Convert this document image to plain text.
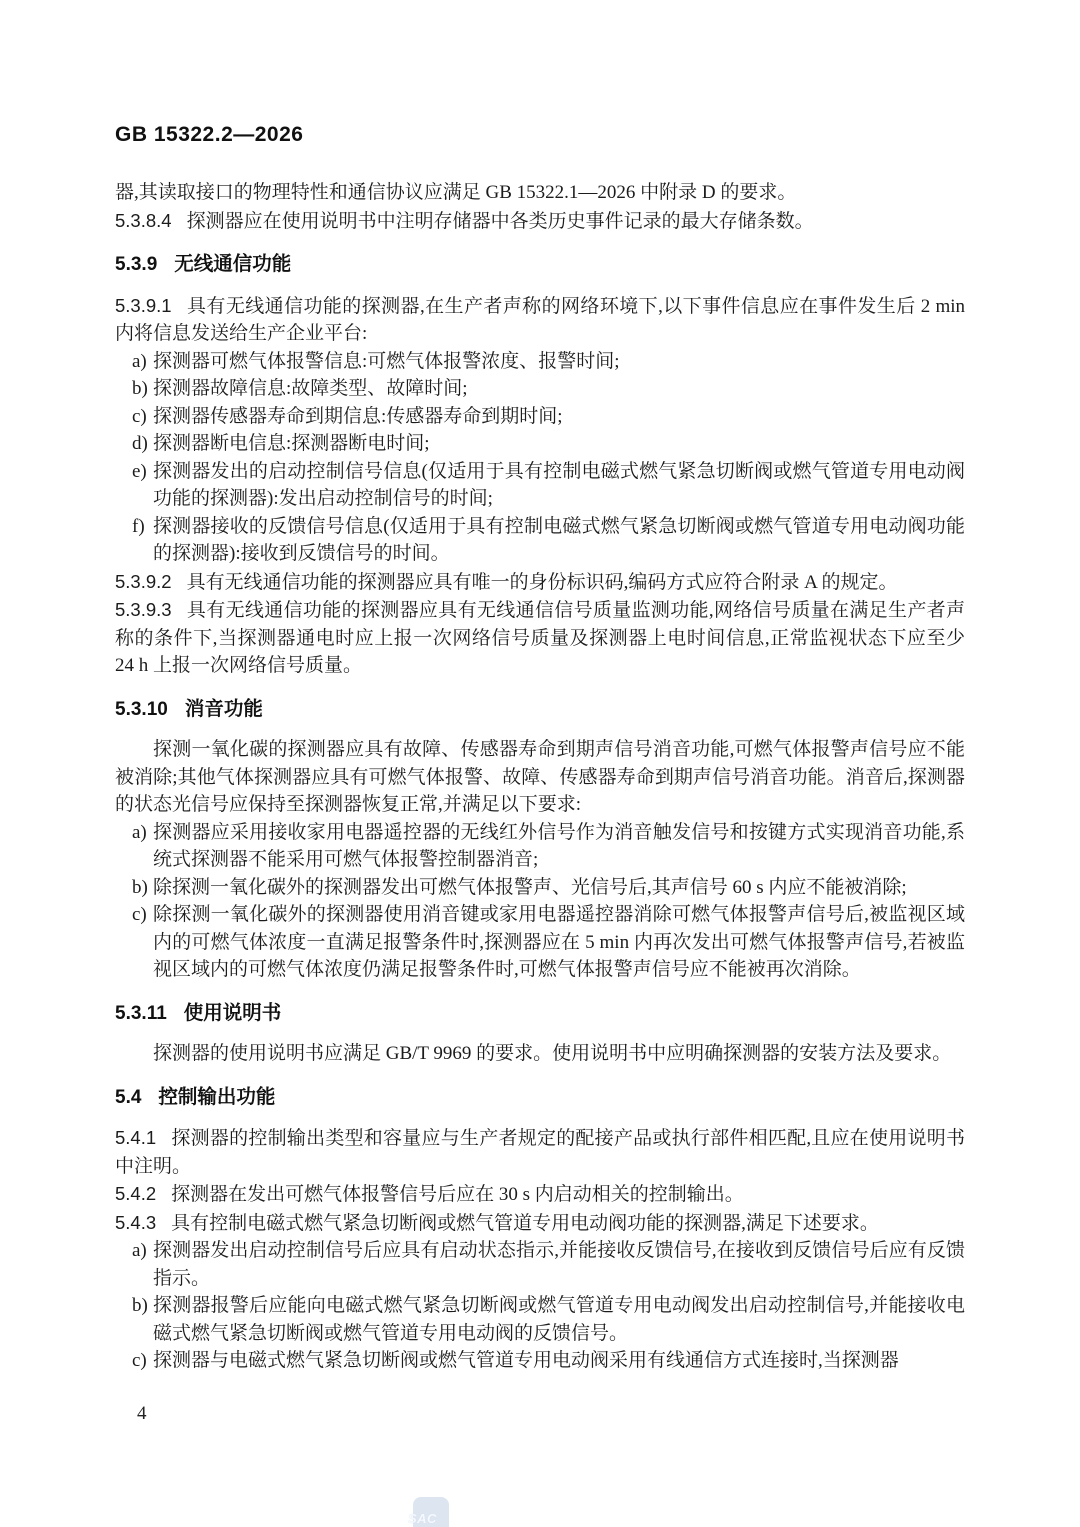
GB 15322.2—2026

器,其读取接口的物理特性和通信协议应满足 GB 15322.1—2026 中附录 D 的要求。

5.3.8.4 探测器应在使用说明书中注明存储器中各类历史事件记录的最大存储条数。

5.3.9 无线通信功能

5.3.9.1 具有无线通信功能的探测器,在生产者声称的网络环境下,以下事件信息应在事件发生后 2 min 内将信息发送给生产企业平台:

a) 探测器可燃气体报警信息:可燃气体报警浓度、报警时间;
b) 探测器故障信息:故障类型、故障时间;
c) 探测器传感器寿命到期信息:传感器寿命到期时间;
d) 探测器断电信息:探测器断电时间;
e) 探测器发出的启动控制信号信息(仅适用于具有控制电磁式燃气紧急切断阀或燃气管道专用电动阀功能的探测器):发出启动控制信号的时间;
f) 探测器接收的反馈信号信息(仅适用于具有控制电磁式燃气紧急切断阀或燃气管道专用电动阀功能的探测器):接收到反馈信号的时间。

5.3.9.2 具有无线通信功能的探测器应具有唯一的身份标识码,编码方式应符合附录 A 的规定。

5.3.9.3 具有无线通信功能的探测器应具有无线通信信号质量监测功能,网络信号质量在满足生产者声称的条件下,当探测器通电时应上报一次网络信号质量及探测器上电时间信息,正常监视状态下应至少 24 h 上报一次网络信号质量。

5.3.10 消音功能

探测一氧化碳的探测器应具有故障、传感器寿命到期声信号消音功能,可燃气体报警声信号应不能被消除;其他气体探测器应具有可燃气体报警、故障、传感器寿命到期声信号消音功能。消音后,探测器的状态光信号应保持至探测器恢复正常,并满足以下要求:

a) 探测器应采用接收家用电器遥控器的无线红外信号作为消音触发信号和按键方式实现消音功能,系统式探测器不能采用可燃气体报警控制器消音;
b) 除探测一氧化碳外的探测器发出可燃气体报警声、光信号后,其声信号 60 s 内应不能被消除;
c) 除探测一氧化碳外的探测器使用消音键或家用电器遥控器消除可燃气体报警声信号后,被监视区域内的可燃气体浓度一直满足报警条件时,探测器应在 5 min 内再次发出可燃气体报警声信号,若被监视区域内的可燃气体浓度仍满足报警条件时,可燃气体报警声信号应不能被再次消除。
5.3.11 使用说明书

探测器的使用说明书应满足 GB/T 9969 的要求。使用说明书中应明确探测器的安装方法及要求。

5.4 控制输出功能

5.4.1 探测器的控制输出类型和容量应与生产者规定的配接产品或执行部件相匹配,且应在使用说明书中注明。

5.4.2 探测器在发出可燃气体报警信号后应在 30 s 内启动相关的控制输出。

5.4.3 具有控制电磁式燃气紧急切断阀或燃气管道专用电动阀功能的探测器,满足下述要求。

a) 探测器发出启动控制信号后应具有启动状态指示,并能接收反馈信号,在接收到反馈信号后应有反馈指示。
b) 探测器报警后应能向电磁式燃气紧急切断阀或燃气管道专用电动阀发出启动控制信号,并能接收电磁式燃气紧急切断阀或燃气管道专用电动阀的反馈信号。
c) 探测器与电磁式燃气紧急切断阀或燃气管道专用电动阀采用有线通信方式连接时,当探测器
4
SAC
